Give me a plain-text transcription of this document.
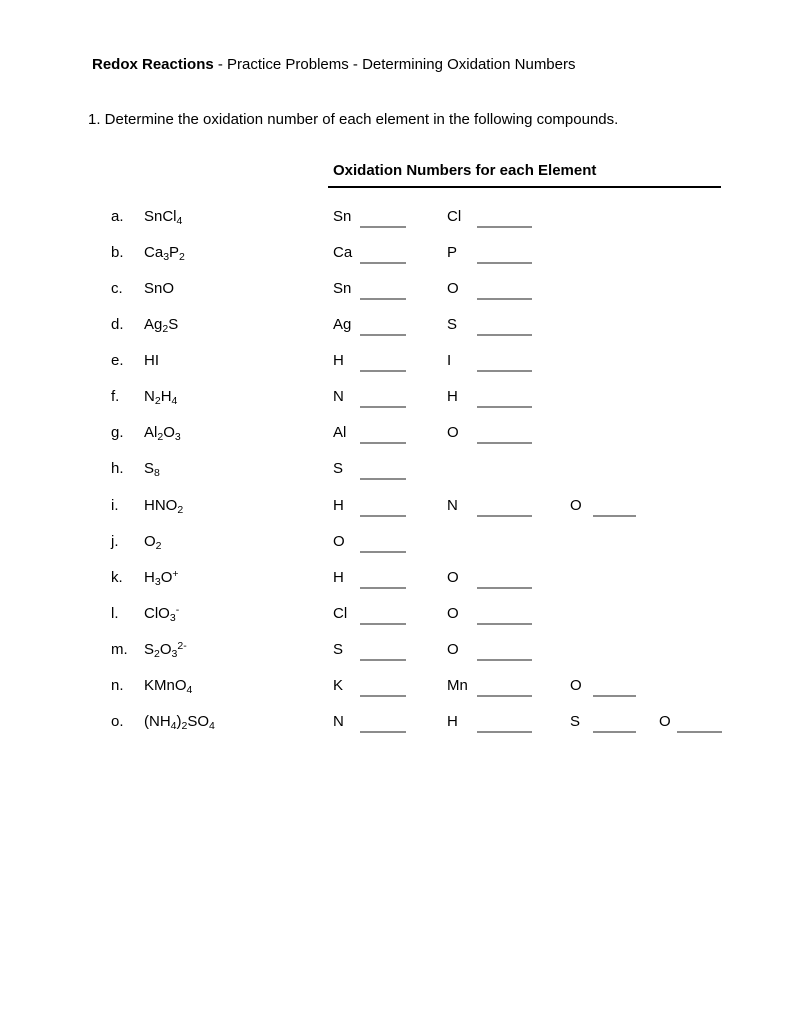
Redox Reactions - Practice Problems - Determining Oxidation Numbers
1. Determine the oxidation number of each element in the following compounds.
Oxidation Numbers for each Element
a. SnCl$_4$	Sn	Cl
b. $Ca_3P_2$	Ca	P
c. SnO	Sn	O
d. $Ag_2S$	Ag	S
e. HI	H	I
f. $N_2H_4$	N	H
g. $Al_2O_3$	Al	O
h. $S_8$	S
i. $HNO_2$	H	N	O
j. $O_2$	O
k. $H_3O^+$	H	O
l. ClO$_3$-	Cl	O
m. $S_2O_3^{2-}$	S	O
n. KMnO$_4$	K	Mn	O
o. $(NH_4)_2SO_4$	N	H	S	O
